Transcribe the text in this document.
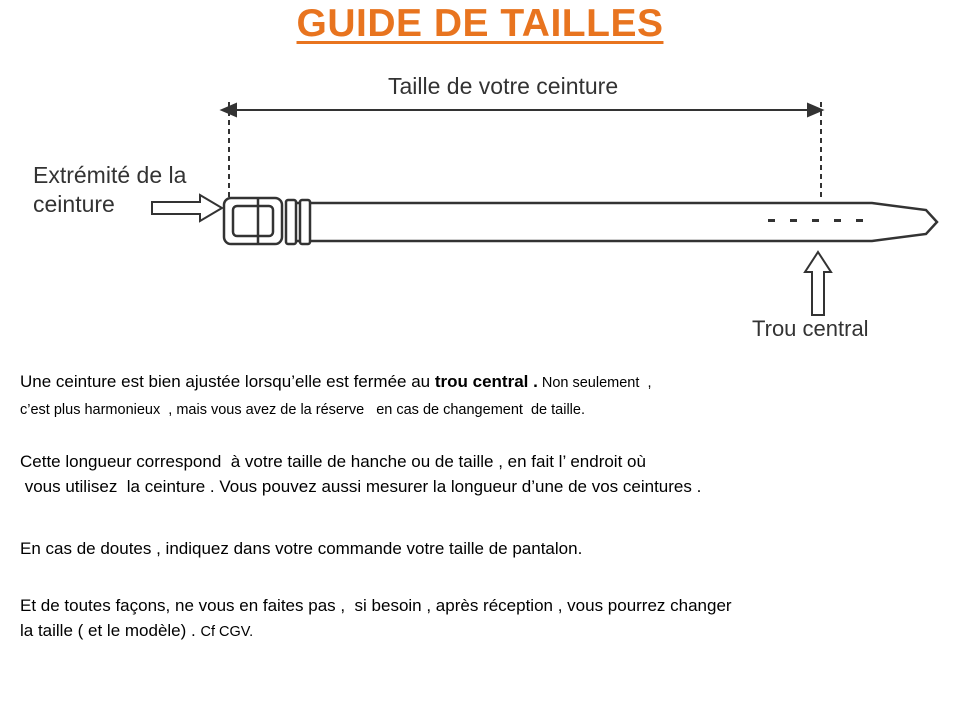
GUIDE DE TAILLES
Taille de votre ceinture
Extrémité de la
ceinture
Trou central
Une ceinture est bien ajustée lorsqu’elle est fermée au trou central . Non seulement  ,
c’est plus harmonieux  , mais vous avez de la réserve   en cas de changement  de taille.
Cette longueur correspond  à votre taille de hanche ou de taille , en fait l’ endroit où
vous utilisez  la ceinture . Vous pouvez aussi mesurer la longueur d’une de vos ceintures .
En cas de doutes , indiquez dans votre commande votre taille de pantalon.
Et de toutes façons, ne vous en faites pas ,  si besoin , après réception , vous pourrez changer
la taille ( et le modèle) . Cf CGV.
